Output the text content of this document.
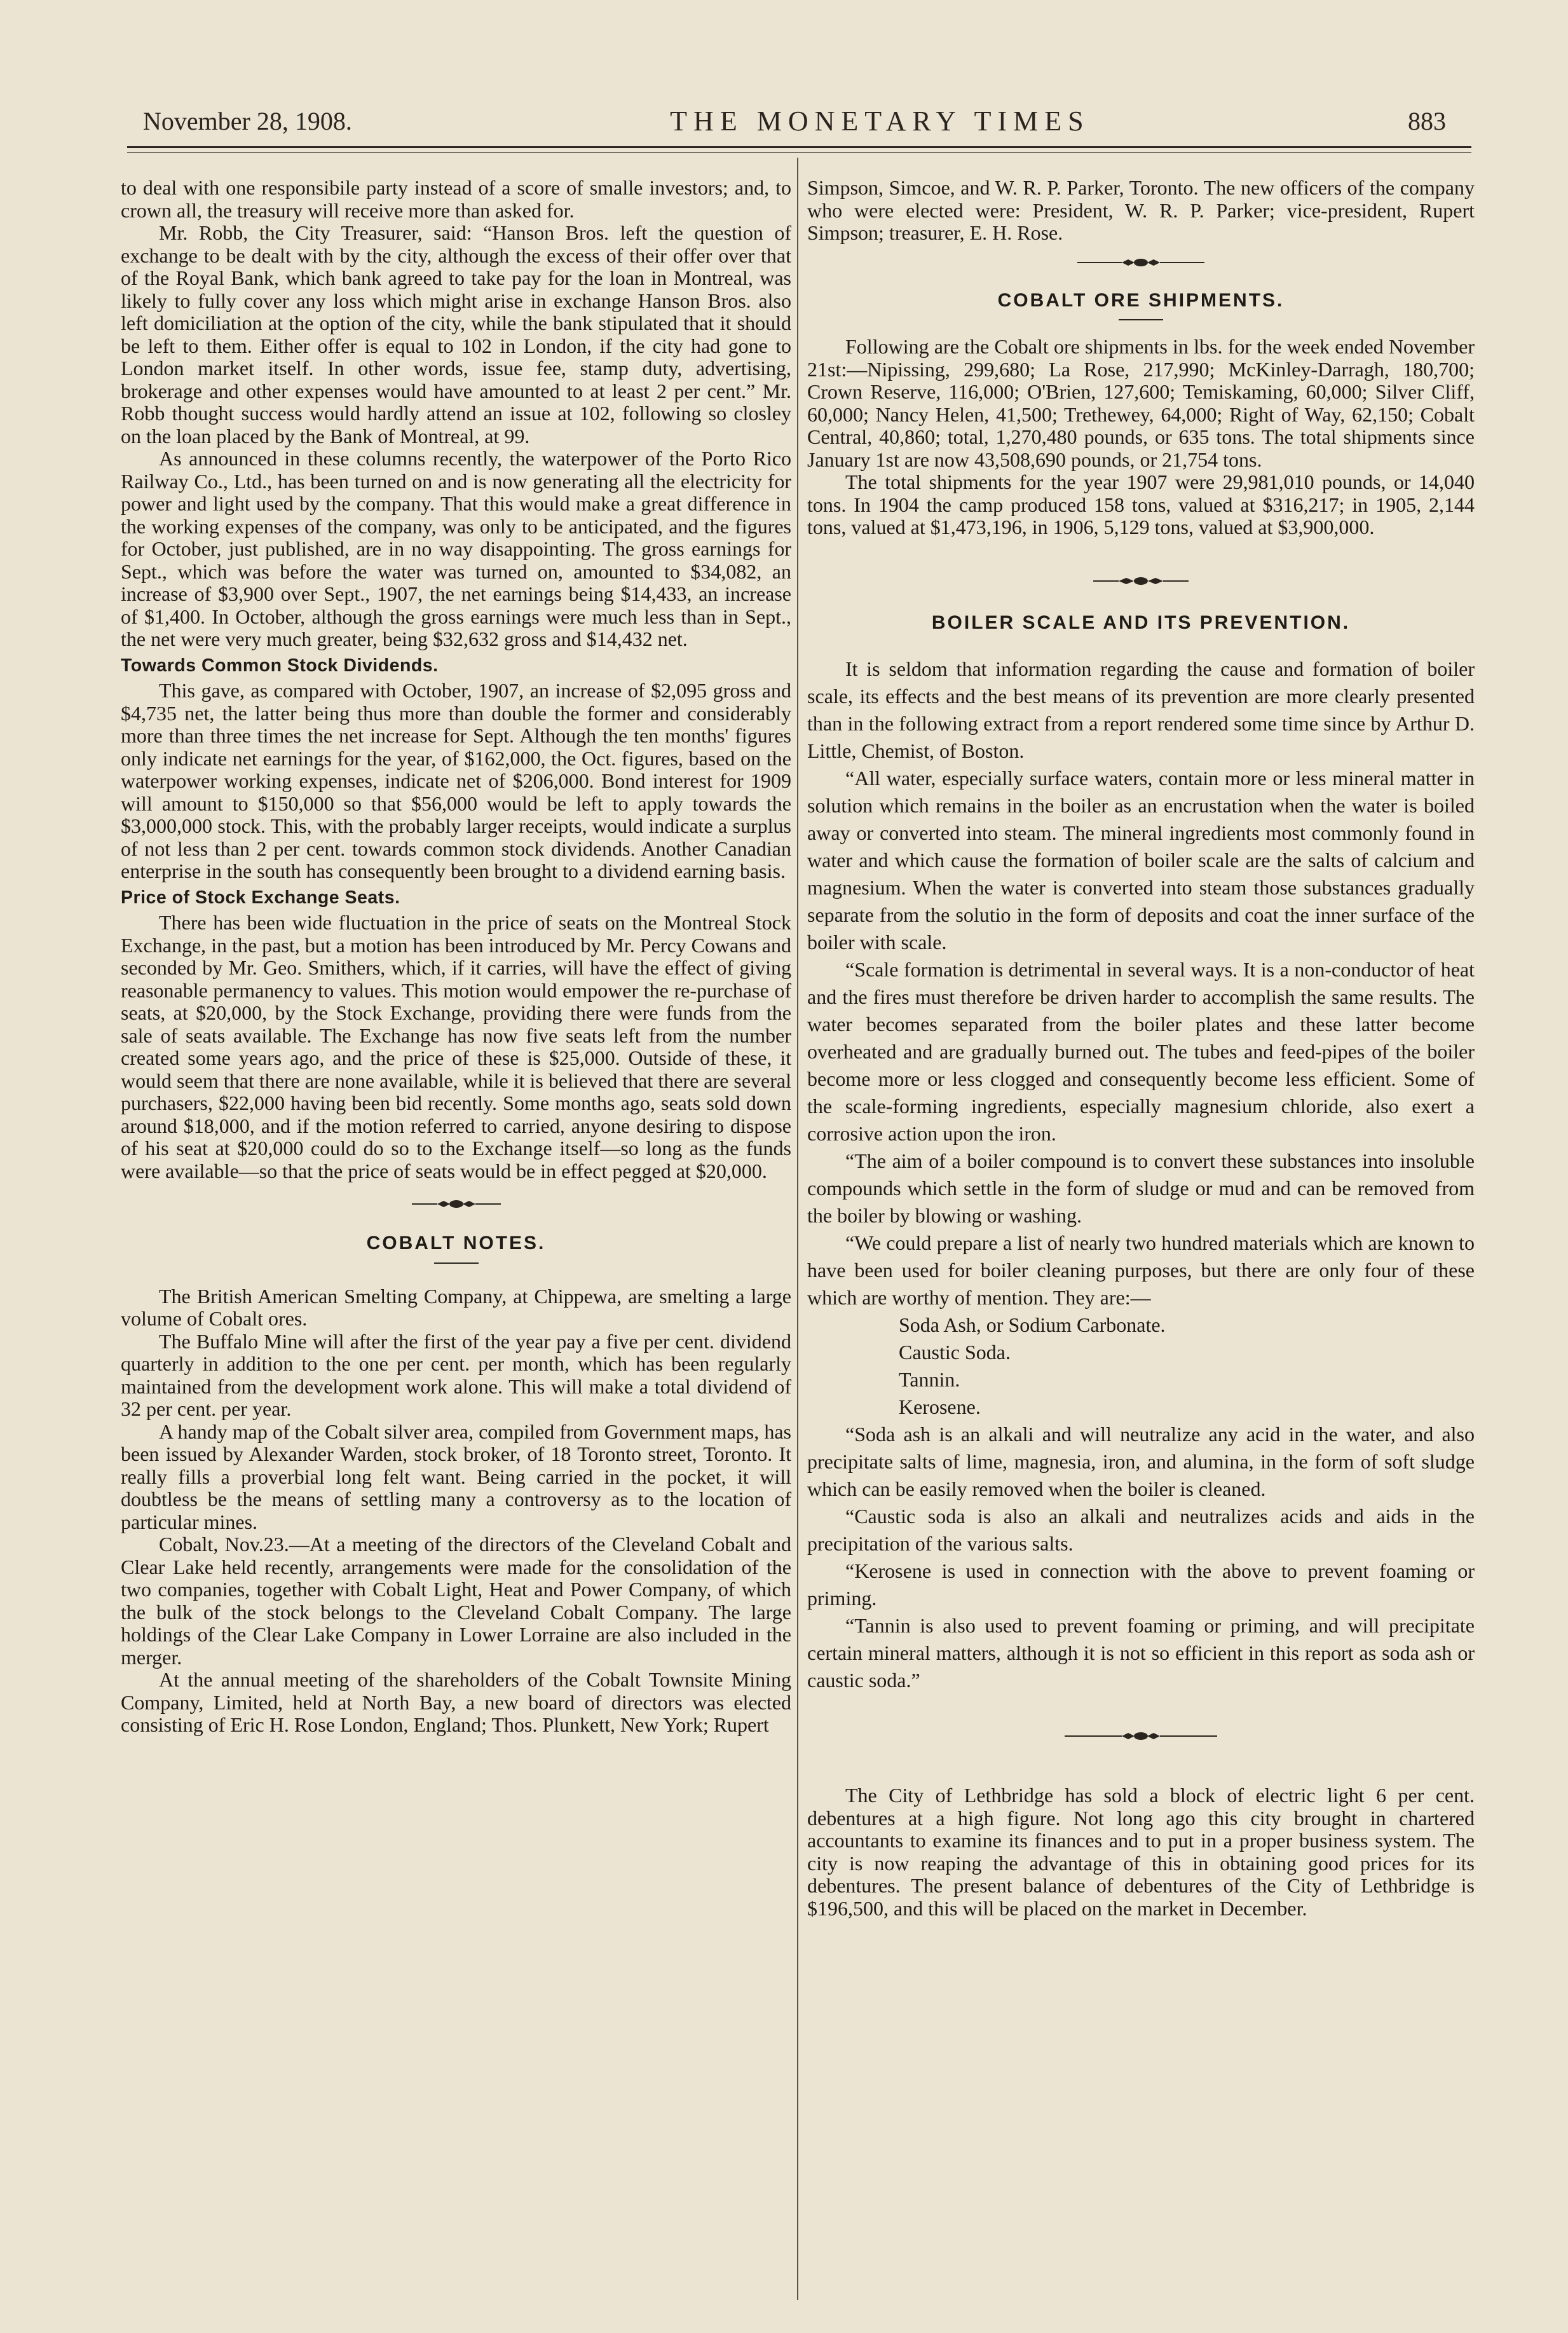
November 28, 1908.	THE MONETARY TIMES	883

to deal with one responsibile party instead of a score of smalle investors; and, to crown all, the treasury will receive more than asked for.

Mr. Robb, the City Treasurer, said: “Hanson Bros. left the question of exchange to be dealt with by the city, although the excess of their offer over that of the Royal Bank, which bank agreed to take pay for the loan in Montreal, was likely to fully cover any loss which might arise in exchange Hanson Bros. also left domiciliation at the option of the city, while the bank stipulated that it should be left to them. Either offer is equal to 102 in London, if the city had gone to London market itself. In other words, issue fee, stamp duty, advertising, brokerage and other expenses would have amounted to at least 2 per cent.” Mr. Robb thought success would hardly attend an issue at 102, following so closley on the loan placed by the Bank of Montreal, at 99.

As announced in these columns recently, the waterpower of the Porto Rico Railway Co., Ltd., has been turned on and is now generating all the electricity for power and light used by the company. That this would make a great difference in the working expenses of the company, was only to be anticipated, and the figures for October, just published, are in no way disappointing. The gross earnings for Sept., which was before the water was turned on, amounted to $34,082, an increase of $3,900 over Sept., 1907, the net earnings being $14,433, an increase of $1,400. In October, although the gross earnings were much less than in Sept., the net were very much greater, being $32,632 gross and $14,432 net.

Towards Common Stock Dividends.

This gave, as compared with October, 1907, an increase of $2,095 gross and $4,735 net, the latter being thus more than double the former and considerably more than three times the net increase for Sept. Although the ten months' figures only indicate net earnings for the year, of $162,000, the Oct. figures, based on the waterpower working expenses, indicate net of $206,000. Bond interest for 1909 will amount to $150,000 so that $56,000 would be left to apply towards the $3,000,000 stock. This, with the probably larger receipts, would indicate a surplus of not less than 2 per cent. towards common stock dividends. Another Canadian enterprise in the south has consequently been brought to a dividend earning basis.

Price of Stock Exchange Seats.

There has been wide fluctuation in the price of seats on the Montreal Stock Exchange, in the past, but a motion has been introduced by Mr. Percy Cowans and seconded by Mr. Geo. Smithers, which, if it carries, will have the effect of giving reasonable permanency to values. This motion would empower the re-purchase of seats, at $20,000, by the Stock Exchange, providing there were funds from the sale of seats available. The Exchange has now five seats left from the number created some years ago, and the price of these is $25,000. Outside of these, it would seem that there are none available, while it is believed that there are several purchasers, $22,000 having been bid recently. Some months ago, seats sold down around $18,000, and if the motion referred to carried, anyone desiring to dispose of his seat at $20,000 could do so to the Exchange itself—so long as the funds were available—so that the price of seats would be in effect pegged at $20,000.

COBALT NOTES.

The British American Smelting Company, at Chippewa, are smelting a large volume of Cobalt ores.

The Buffalo Mine will after the first of the year pay a five per cent. dividend quarterly in addition to the one per cent. per month, which has been regularly maintained from the development work alone. This will make a total dividend of 32 per cent. per year.

A handy map of the Cobalt silver area, compiled from Government maps, has been issued by Alexander Warden, stock broker, of 18 Toronto street, Toronto. It really fills a proverbial long felt want. Being carried in the pocket, it will doubtless be the means of settling many a controversy as to the location of particular mines.

Cobalt, Nov.23.—At a meeting of the directors of the Cleveland Cobalt and Clear Lake held recently, arrangements were made for the consolidation of the two companies, together with Cobalt Light, Heat and Power Company, of which the bulk of the stock belongs to the Cleveland Cobalt Company. The large holdings of the Clear Lake Company in Lower Lorraine are also included in the merger.

At the annual meeting of the shareholders of the Cobalt Townsite Mining Company, Limited, held at North Bay, a new board of directors was elected consisting of Eric H. Rose London, England; Thos. Plunkett, New York; Rupert

Simpson, Simcoe, and W. R. P. Parker, Toronto. The new officers of the company who were elected were: President, W. R. P. Parker; vice-president, Rupert Simpson; treasurer, E. H. Rose.

COBALT ORE SHIPMENTS.

Following are the Cobalt ore shipments in lbs. for the week ended November 21st:—Nipissing, 299,680; La Rose, 217,990; McKinley-Darragh, 180,700; Crown Reserve, 116,000; O'Brien, 127,600; Temiskaming, 60,000; Silver Cliff, 60,000; Nancy Helen, 41,500; Trethewey, 64,000; Right of Way, 62,150; Cobalt Central, 40,860; total, 1,270,480 pounds, or 635 tons. The total shipments since January 1st are now 43,508,690 pounds, or 21,754 tons.

The total shipments for the year 1907 were 29,981,010 pounds, or 14,040 tons. In 1904 the camp produced 158 tons, valued at $316,217; in 1905, 2,144 tons, valued at $1,473,196, in 1906, 5,129 tons, valued at $3,900,000.

BOILER SCALE AND ITS PREVENTION.

It is seldom that information regarding the cause and formation of boiler scale, its effects and the best means of its prevention are more clearly presented than in the following extract from a report rendered some time since by Arthur D. Little, Chemist, of Boston.

“All water, especially surface waters, contain more or less mineral matter in solution which remains in the boiler as an encrustation when the water is boiled away or converted into steam. The mineral ingredients most commonly found in water and which cause the formation of boiler scale are the salts of calcium and magnesium. When the water is converted into steam those substances gradually separate from the solutio in the form of deposits and coat the inner surface of the boiler with scale.

“Scale formation is detrimental in several ways. It is a non-conductor of heat and the fires must therefore be driven harder to accomplish the same results. The water becomes separated from the boiler plates and these latter become overheated and are gradually burned out. The tubes and feed-pipes of the boiler become more or less clogged and consequently become less efficient. Some of the scale-forming ingredients, especially magnesium chloride, also exert a corrosive action upon the iron.

“The aim of a boiler compound is to convert these substances into insoluble compounds which settle in the form of sludge or mud and can be removed from the boiler by blowing or washing.

“We could prepare a list of nearly two hundred materials which are known to have been used for boiler cleaning purposes, but there are only four of these which are worthy of mention. They are:—

Soda Ash, or Sodium Carbonate.

Caustic Soda.

Tannin.

Kerosene.

“Soda ash is an alkali and will neutralize any acid in the water, and also precipitate salts of lime, magnesia, iron, and alumina, in the form of soft sludge which can be easily removed when the boiler is cleaned.

“Caustic soda is also an alkali and neutralizes acids and aids in the precipitation of the various salts.

“Kerosene is used in connection with the above to prevent foaming or priming.

“Tannin is also used to prevent foaming or priming, and will precipitate certain mineral matters, although it is not so efficient in this report as soda ash or caustic soda.”

The City of Lethbridge has sold a block of electric light 6 per cent. debentures at a high figure. Not long ago this city brought in chartered accountants to examine its finances and to put in a proper business system. The city is now reaping the advantage of this in obtaining good prices for its debentures. The present balance of debentures of the City of Lethbridge is $196,500, and this will be placed on the market in December.
